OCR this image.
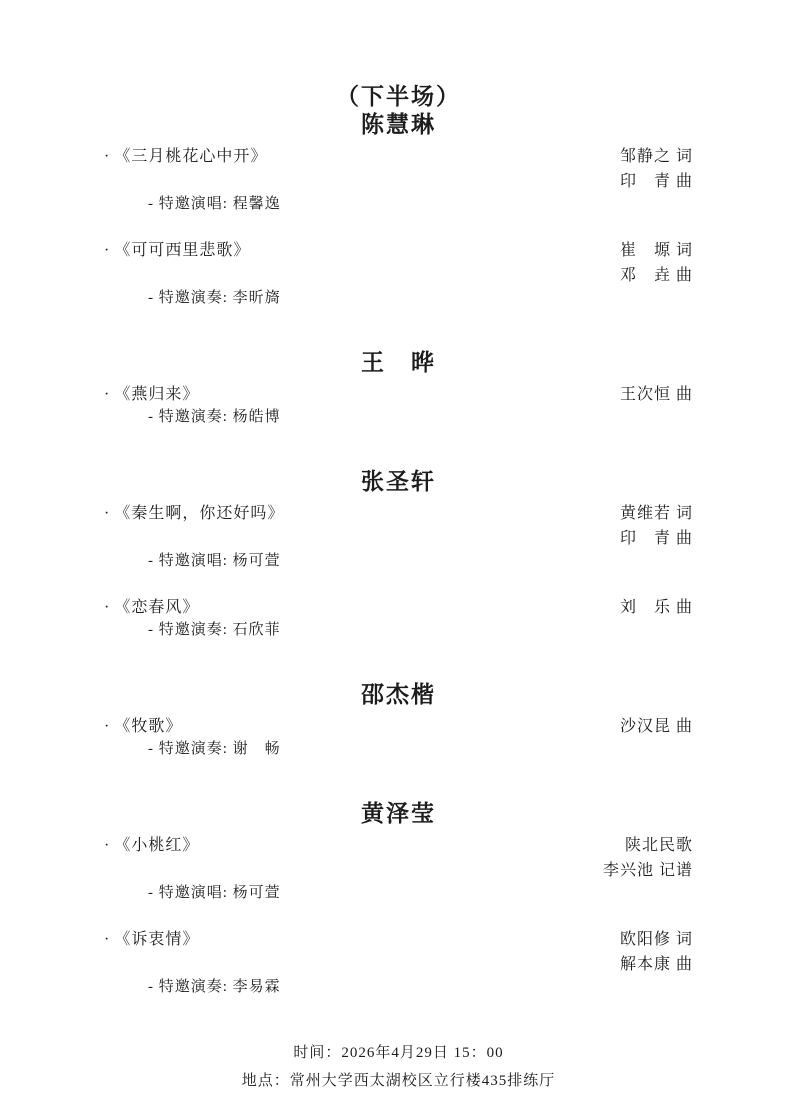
（下半场）
陈慧琳
· 《三月桃花心中开》	邹静之 词
印　青 曲
- 特邀演唱: 程馨逸
· 《可可西里悲歌》	崔　塬 词
邓　垚 曲
- 特邀演奏: 李昕旖
王　晔
· 《燕归来》	王次恒 曲
- 特邀演奏: 杨皓博
张圣轩
· 《秦生啊，你还好吗》	黄维若 词
印　青 曲
- 特邀演唱: 杨可萱
· 《恋春风》	刘　乐 曲
- 特邀演奏: 石欣菲
邵杰楷
· 《牧歌》	沙汉昆 曲
- 特邀演奏: 谢　畅
黄泽莹
· 《小桃红》	陕北民歌
李兴池 记谱
- 特邀演唱: 杨可萱
· 《诉衷情》	欧阳修 词
解本康 曲
- 特邀演奏: 李易霖
时间：2026年4月29日 15：00
地点：常州大学西太湖校区立行楼435排练厅
